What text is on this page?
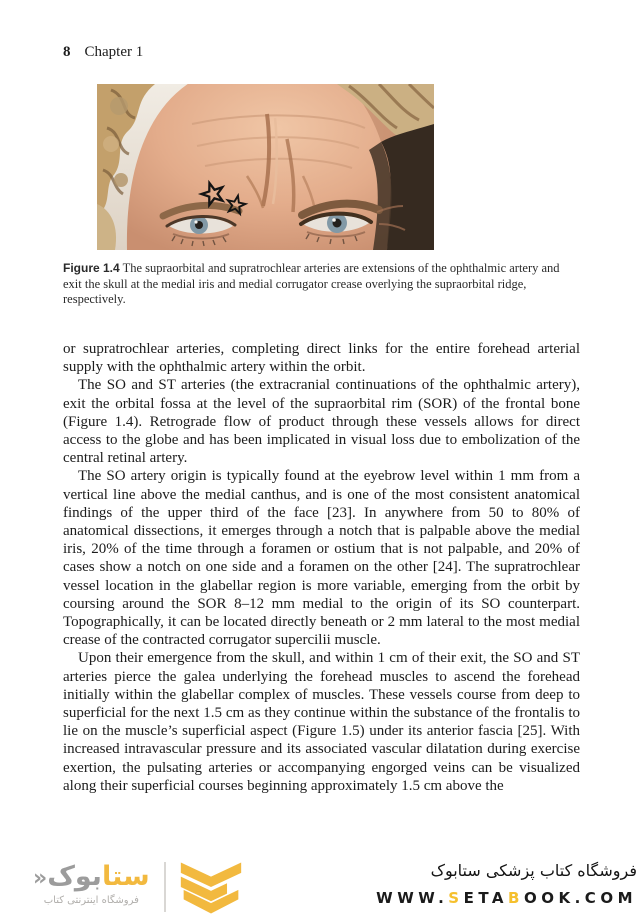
8 Chapter 1
Figure 1.4 The supraorbital and supratrochlear arteries are extensions of the ophthalmic artery and exit the skull at the medial iris and medial corrugator crease overlying the supraorbital ridge, respectively.

or supratrochlear arteries, completing direct links for the entire forehead arterial supply with the ophthalmic artery within the orbit.

The SO and ST arteries (the extracranial continuations of the ophthalmic artery), exit the orbital fossa at the level of the supraorbital rim (SOR) of the frontal bone (Figure 1.4). Retrograde flow of product through these vessels allows for direct access to the globe and has been implicated in visual loss due to embolization of the central retinal artery.

The SO artery origin is typically found at the eyebrow level within 1 mm from a vertical line above the medial canthus, and is one of the most consistent anatomical findings of the upper third of the face [23]. In anywhere from 50 to 80% of anatomical dissections, it emerges through a notch that is palpable above the medial iris, 20% of the time through a foramen or ostium that is not palpable, and 20% of cases show a notch on one side and a foramen on the other [24]. The supratrochlear vessel location in the glabellar region is more variable, emerging from the orbit by coursing around the SOR 8–12 mm medial to the origin of its SO counterpart. Topographically, it can be located directly beneath or 2 mm lateral to the most medial crease of the contracted corrugator supercilii muscle.

Upon their emergence from the skull, and within 1 cm of their exit, the SO and ST arteries pierce the galea underlying the forehead muscles to ascend the forehead initially within the glabellar complex of muscles. These vessels course from deep to superficial for the next 1.5 cm as they continue within the substance of the frontalis to lie on the muscle’s superficial aspect (Figure 1.5) under its anterior fascia [25]. With increased intravascular pressure and its associated vascular dilatation during exercise exertion, the pulsating arteries or accompanying engorged veins can be visualized along their superficial courses beginning approximately 1.5 cm above the

ستابوک«
فروشگاه اینترنتی کتاب
فروشگاه کتاب پزشکی ستابوک
WWW.SETABOOK.COM
